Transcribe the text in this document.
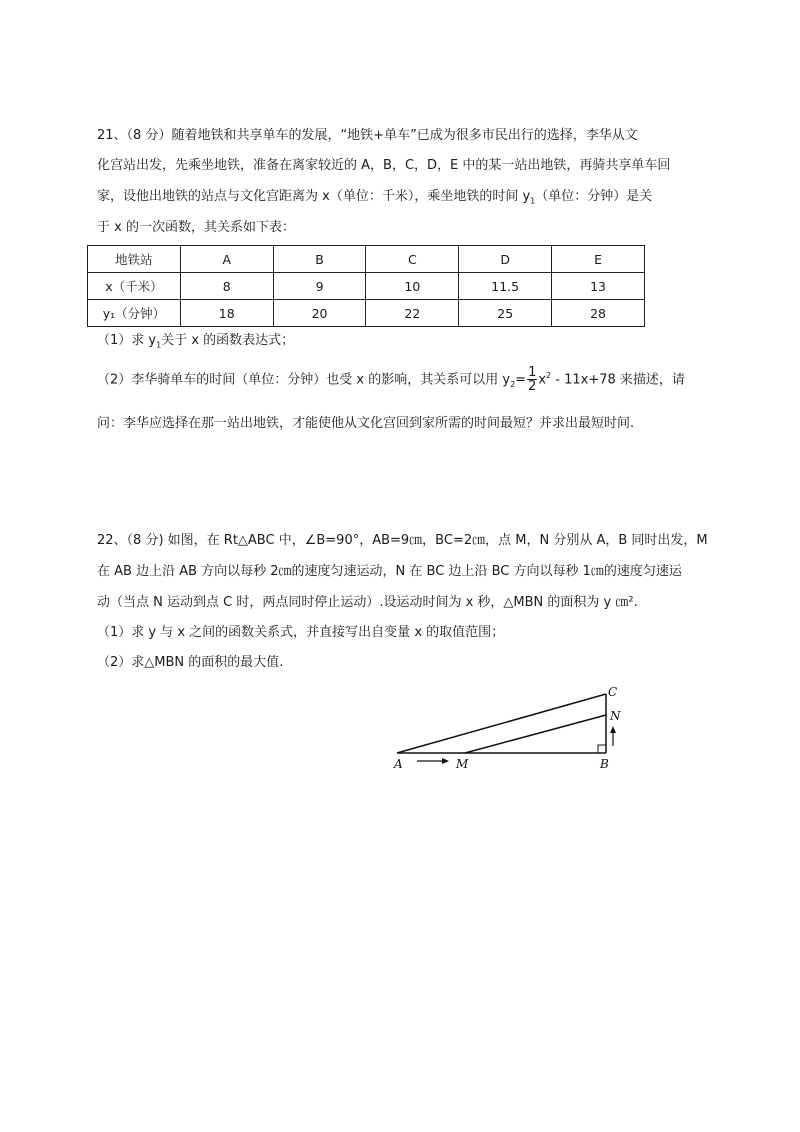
21、（8 分）随着地铁和共享单车的发展，“地铁+单车”已成为很多市民出行的选择，李华从文
化宫站出发，先乘坐地铁，准备在离家较近的 A，B，C，D，E 中的某一站出地铁，再骑共享单车回
家，设他出地铁的站点与文化宫距离为 x（单位：千米），乘坐地铁的时间 $y_1$（单位：分钟）是关
于 x 的一次函数，其关系如下表：
地铁站	A	B	C	D	E
x（千米）	8	9	10	11.5	13
y₁（分钟）	18	20	22	25	28
（1）求 $y_1$关于 x 的函数表达式；
（2）李华骑单车的时间（单位：分钟）也受 x 的影响，其关系可以用 $y_2= \frac{1}{2} x^2 - 11x+78$ 来描述，请
问：李华应选择在那一站出地铁，才能使他从文化宫回到家所需的时间最短？并求出最短时间.
22、（8 分) 如图，在 Rt△ABC 中，∠B=90°，AB=9㎝，BC=2㎝，点 M，N 分别从 A，B 同时出发，M
在 AB 边上沿 AB 方向以每秒 2㎝的速度匀速运动，N 在 BC 边上沿 BC 方向以每秒 1㎝的速度匀速运
动（当点 N 运动到点 C 时，两点同时停止运动）.设运动时间为 x 秒，△MBN 的面积为 y ㎝².
（1）求 y 与 x 之间的函数关系式，并直接写出自变量 x 的取值范围；
（2）求△MBN 的面积的最大值.
A	M	B
C
N
